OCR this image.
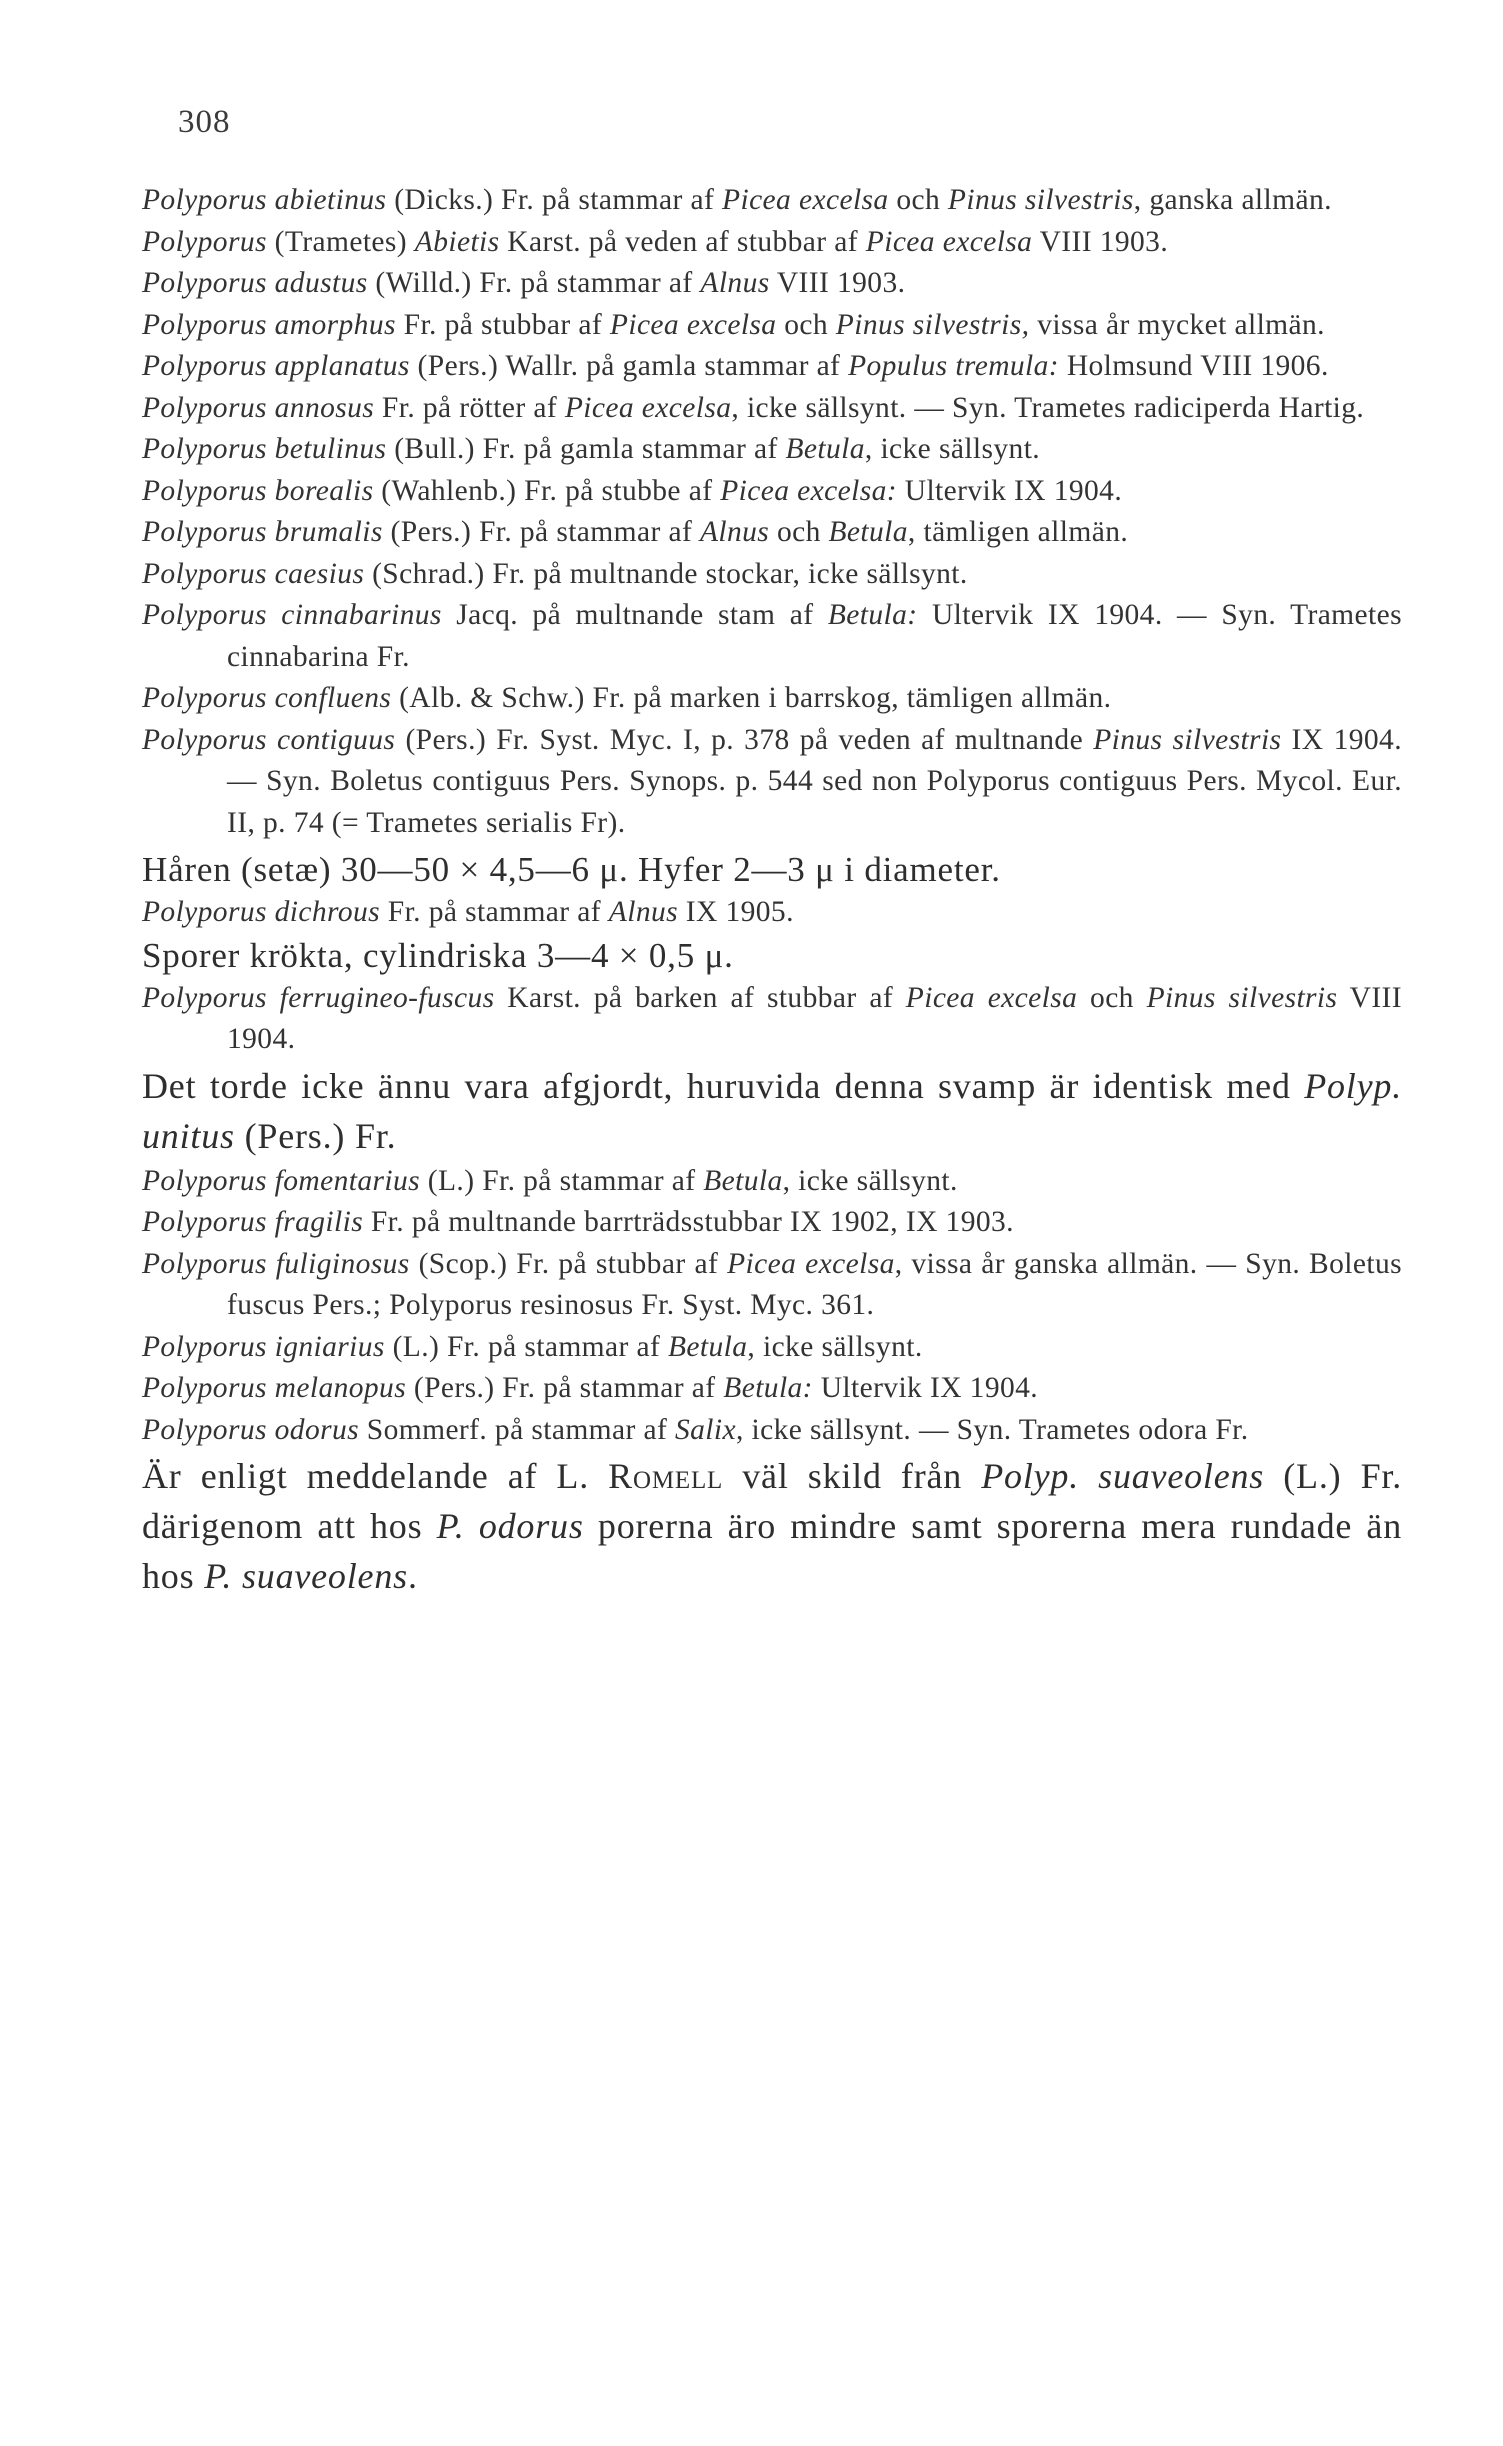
308
Polyporus abietinus (Dicks.) Fr. på stammar af Picea excelsa och Pinus silvestris, ganska allmän.
Polyporus (Trametes) Abietis Karst. på veden af stubbar af Picea excelsa VIII 1903.
Polyporus adustus (Willd.) Fr. på stammar af Alnus VIII 1903.
Polyporus amorphus Fr. på stubbar af Picea excelsa och Pinus silvestris, vissa år mycket allmän.
Polyporus applanatus (Pers.) Wallr. på gamla stammar af Populus tremula: Holmsund VIII 1906.
Polyporus annosus Fr. på rötter af Picea excelsa, icke sällsynt. — Syn. Trametes radiciperda Hartig.
Polyporus betulinus (Bull.) Fr. på gamla stammar af Betula, icke sällsynt.
Polyporus borealis (Wahlenb.) Fr. på stubbe af Picea excelsa: Ultervik IX 1904.
Polyporus brumalis (Pers.) Fr. på stammar af Alnus och Betula, tämligen allmän.
Polyporus caesius (Schrad.) Fr. på multnande stockar, icke sällsynt.
Polyporus cinnabarinus Jacq. på multnande stam af Betula: Ultervik IX 1904. — Syn. Trametes cinnabarina Fr.
Polyporus confluens (Alb. & Schw.) Fr. på marken i barrskog, tämligen allmän.
Polyporus contiguus (Pers.) Fr. Syst. Myc. I, p. 378 på veden af multnande Pinus silvestris IX 1904. — Syn. Boletus contiguus Pers. Synops. p. 544 sed non Polyporus contiguus Pers. Mycol. Eur. II, p. 74 (= Trametes serialis Fr).
Håren (setæ) 30—50 × 4,5—6 μ. Hyfer 2—3 μ i diameter.
Polyporus dichrous Fr. på stammar af Alnus IX 1905.
Sporer krökta, cylindriska 3—4 × 0,5 μ.
Polyporus ferrugineo-fuscus Karst. på barken af stubbar af Picea excelsa och Pinus silvestris VIII 1904.
Det torde icke ännu vara afgjordt, huruvida denna svamp är identisk med Polyp. unitus (Pers.) Fr.
Polyporus fomentarius (L.) Fr. på stammar af Betula, icke sällsynt.
Polyporus fragilis Fr. på multnande barrträdsstubbar IX 1902, IX 1903.
Polyporus fuliginosus (Scop.) Fr. på stubbar af Picea excelsa, vissa år ganska allmän. — Syn. Boletus fuscus Pers.; Polyporus resinosus Fr. Syst. Myc. 361.
Polyporus igniarius (L.) Fr. på stammar af Betula, icke sällsynt.
Polyporus melanopus (Pers.) Fr. på stammar af Betula: Ultervik IX 1904.
Polyporus odorus Sommerf. på stammar af Salix, icke sällsynt. — Syn. Trametes odora Fr.
Är enligt meddelande af L. Romell väl skild från Polyp. suaveolens (L.) Fr. därigenom att hos P. odorus porerna äro mindre samt sporerna mera rundade än hos P. suaveolens.
